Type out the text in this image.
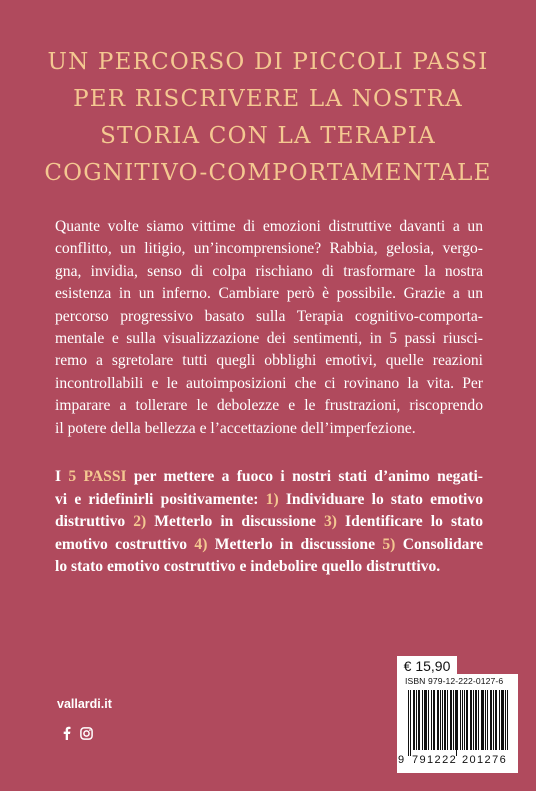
UN PERCORSO DI PICCOLI PASSI
PER RISCRIVERE LA NOSTRA
STORIA CON LA TERAPIA
COGNITIVO-COMPORTAMENTALE
Quante volte siamo vittime di emozioni distruttive davanti a un
conflitto, un litigio, un’incomprensione? Rabbia, gelosia, vergo-
gna, invidia, senso di colpa rischiano di trasformare la nostra
esistenza in un inferno. Cambiare però è possibile. Grazie a un
percorso progressivo basato sulla Terapia cognitivo-comporta-
mentale e sulla visualizzazione dei sentimenti, in 5 passi riusci-
remo a sgretolare tutti quegli obblighi emotivi, quelle reazioni
incontrollabili e le autoimposizioni che ci rovinano la vita. Per
imparare a tollerare le debolezze e le frustrazioni, riscoprendo
il potere della bellezza e l’accettazione dell’imperfezione.
I 5 PASSI per mettere a fuoco i nostri stati d’animo negati-
vi e ridefinirli positivamente: 1) Individuare lo stato emotivo
distruttivo 2) Metterlo in discussione 3) Identificare lo stato
emotivo costruttivo 4) Metterlo in discussione 5) Consolidare
lo stato emotivo costruttivo e indebolire quello distruttivo.
vallardi.it
€ 15,90
ISBN 979-12-222-0127-6
9 791222 201276
